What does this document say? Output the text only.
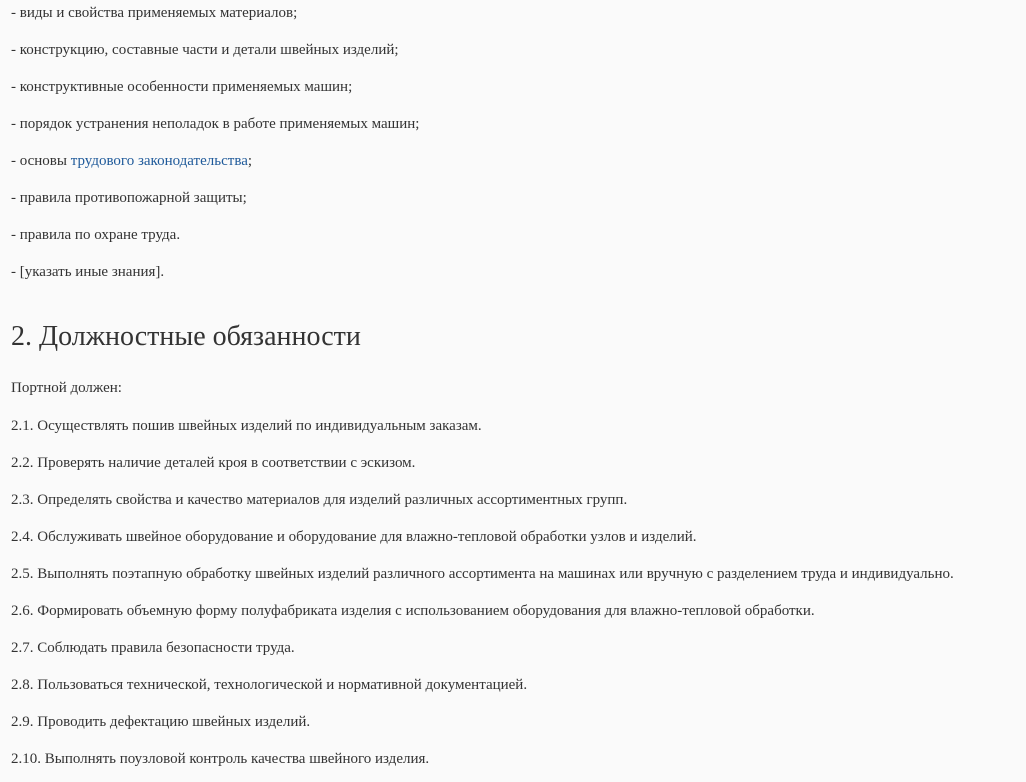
- виды и свойства применяемых материалов;

- конструкцию, составные части и детали швейных изделий;

- конструктивные особенности применяемых машин;

- порядок устранения неполадок в работе применяемых машин;

- основы трудового законодательства;

- правила противопожарной защиты;

- правила по охране труда.

- [указать иные знания].

2. Должностные обязанности

Портной должен:

2.1. Осуществлять пошив швейных изделий по индивидуальным заказам.

2.2. Проверять наличие деталей кроя в соответствии с эскизом.

2.3. Определять свойства и качество материалов для изделий различных ассортиментных групп.

2.4. Обслуживать швейное оборудование и оборудование для влажно-тепловой обработки узлов и изделий.

2.5. Выполнять поэтапную обработку швейных изделий различного ассортимента на машинах или вручную с разделением труда и индивидуально.

2.6. Формировать объемную форму полуфабриката изделия с использованием оборудования для влажно-тепловой обработки.

2.7. Соблюдать правила безопасности труда.

2.8. Пользоваться технической, технологической и нормативной документацией.

2.9. Проводить дефектацию швейных изделий.

2.10. Выполнять поузловой контроль качества швейного изделия.
